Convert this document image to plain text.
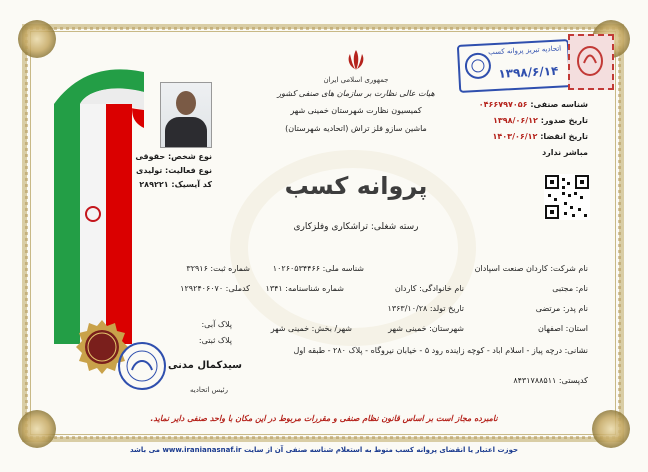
نوع شخص: حقوقی
نوع فعالیت: تولیدی
کد آیسیک: ۲۸۹۲۲۱
جمهوری اسلامی ایران
هیات عالی نظارت بر سازمان های صنفی کشور
کمیسیون نظارت شهرستان خمینی شهر
ماشین سازو فلز تراش (اتحادیه شهرستان)
پروانه کسب
رسته شغلی: تراشکاری وفلزکاری
شناسه صنفی: ۰۴۶۶۷۹۷۰۵۶
تاریخ صدور: ۱۳۹۸/۰۶/۱۲
تاریخ انقضا: ۱۴۰۳/۰۶/۱۲
مباشر ندارد
اتحادیه تبریز پروانه کسب
۱۳۹۸/۶/۱۴
نام شرکت: کاردان صنعت اسپادان
شناسه ملی: ۱۰۲۶۰۵۳۴۴۶۶
شماره ثبت: ۳۲۹۱۶
نام: مجتبی
نام خانوادگی: کاردان
کدملی: ۱۲۹۲۴۰۶۰۷۰
نام پدر: مرتضی
تاریخ تولد: ۱۳۶۳/۱۰/۲۸
شماره شناسنامه: ۱۳۴۱
استان: اصفهان
شهرستان: خمینی شهر
شهر/ بخش: خمینی شهر
پلاک آبی:
پلاک ثبتی:
نشانی: درچه پیاز - اسلام اباد - کوچه زاینده رود ۵ - خیابان نیروگاه - پلاک ۲۸۰ - طبقه اول
کدپستی: ۸۴۳۱۷۸۸۵۱۱
سیدکمال مدنی
رئیس اتحادیه
نامبرده مجاز است بر اساس قانون نظام صنفی و مقررات مربوط در این مکان با واحد صنفی دایر نماید.
حوزت اعتبار یا انقضای پروانه کسب منوط به استعلام شناسه صنفی آن از سایت www.iranianasnaf.ir می باشد
